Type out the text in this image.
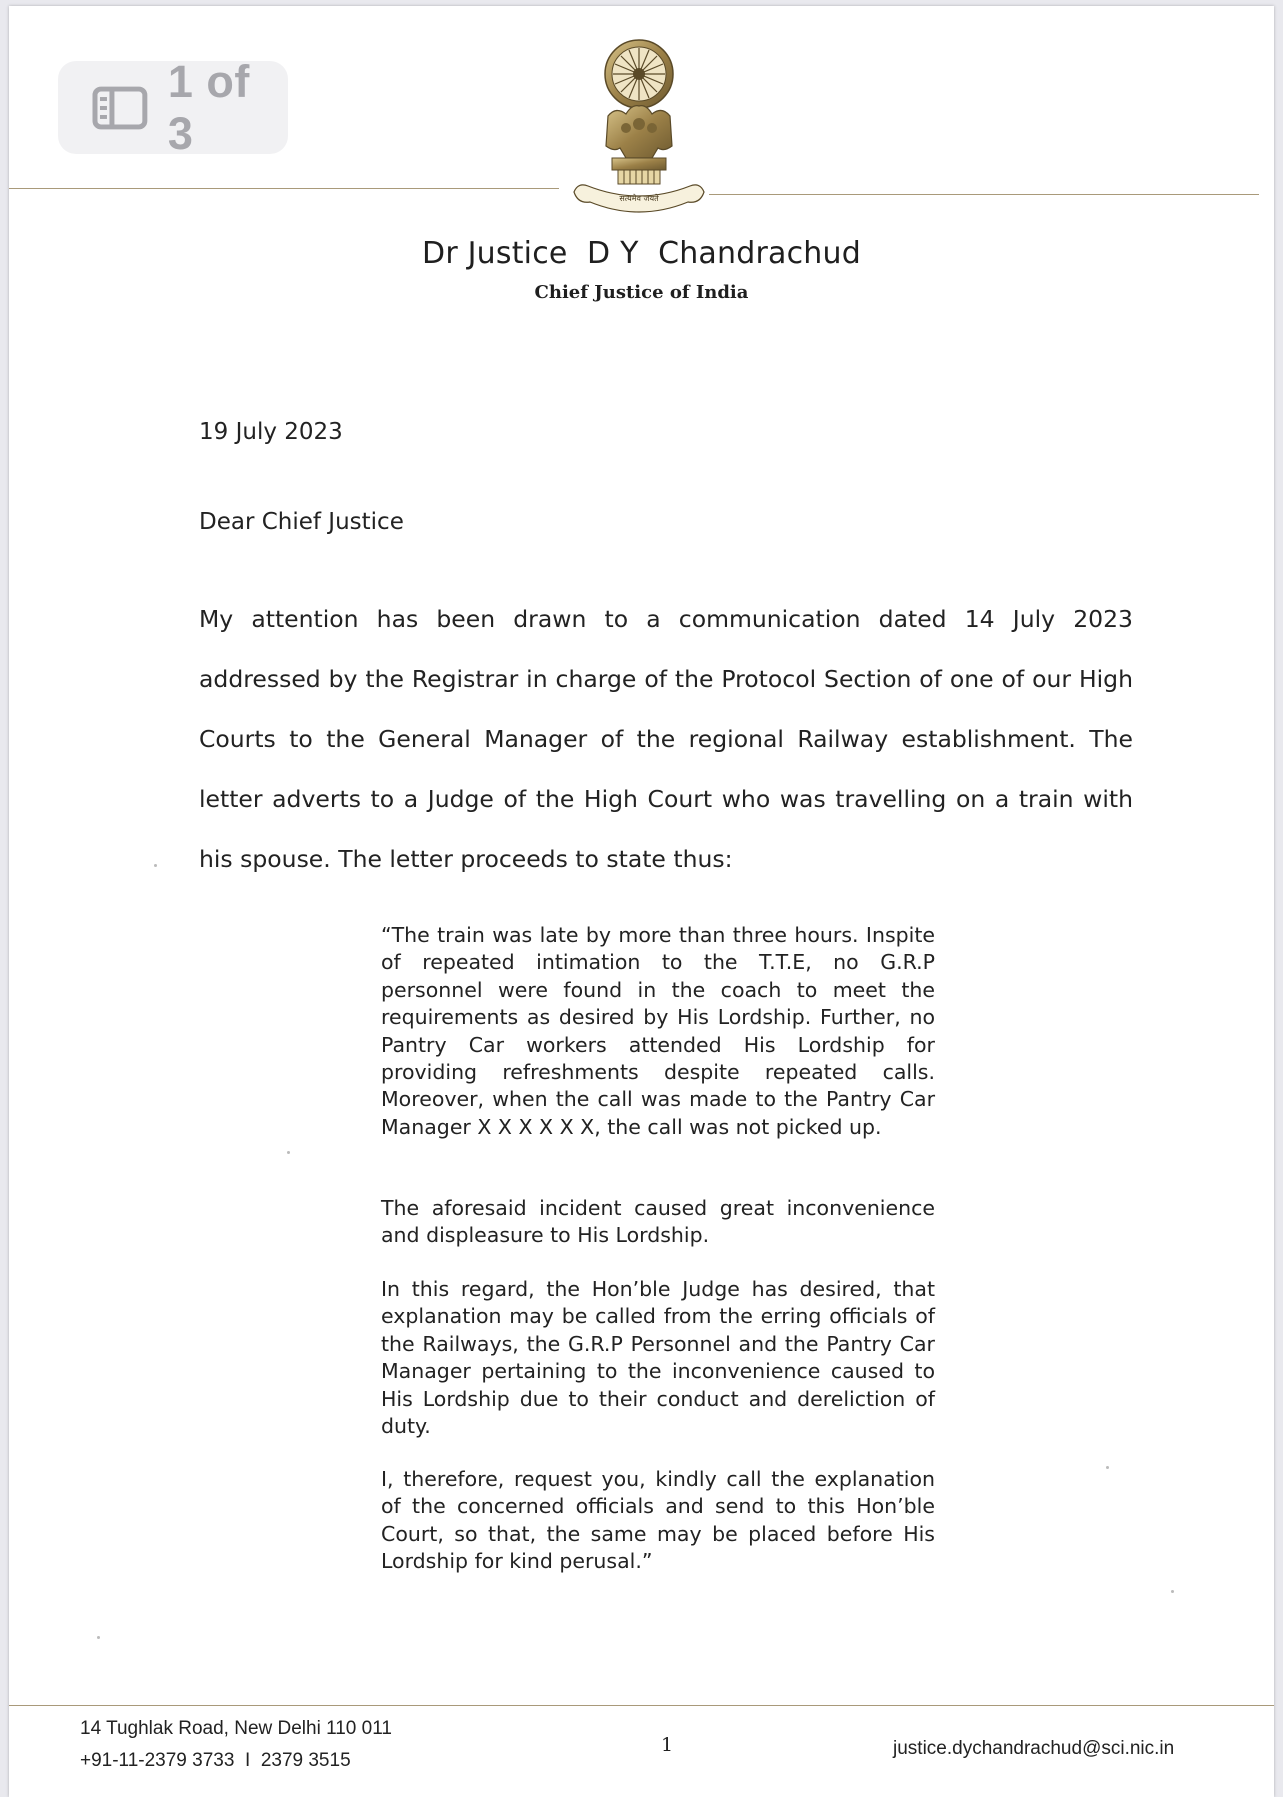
1 of 3
सत्यमेव जयते
Dr Justice  D Y  Chandrachud
Chief Justice of India
19 July 2023
Dear Chief Justice
My attention has been drawn to a communication dated 14 July 2023 addressed by the Registrar in charge of the Protocol Section of one of our High Courts to the General Manager of the regional Railway establishment. The letter adverts to a Judge of the High Court who was travelling on a train with his spouse. The letter proceeds to state thus:

“The train was late by more than three hours. Inspite of repeated intimation to the T.T.E, no G.R.P personnel were found in the coach to meet the requirements as desired by His Lordship. Further, no Pantry Car workers attended His Lordship for providing refreshments despite repeated calls. Moreover, when the call was made to the Pantry Car Manager X X X X X X, the call was not picked up.

The aforesaid incident caused great inconvenience and displeasure to His Lordship.

In this regard, the Hon’ble Judge has desired, that explanation may be called from the erring officials of the Railways, the G.R.P Personnel and the Pantry Car Manager pertaining to the inconvenience caused to His Lordship due to their conduct and dereliction of duty.

I, therefore, request you, kindly call the explanation of the concerned officials and send to this Hon’ble Court, so that, the same may be placed before His Lordship for kind perusal.”

14 Tughlak Road, New Delhi 110 011
+91-11-2379 3733  I  2379 3515
1	justice.dychandrachud@sci.nic.in
